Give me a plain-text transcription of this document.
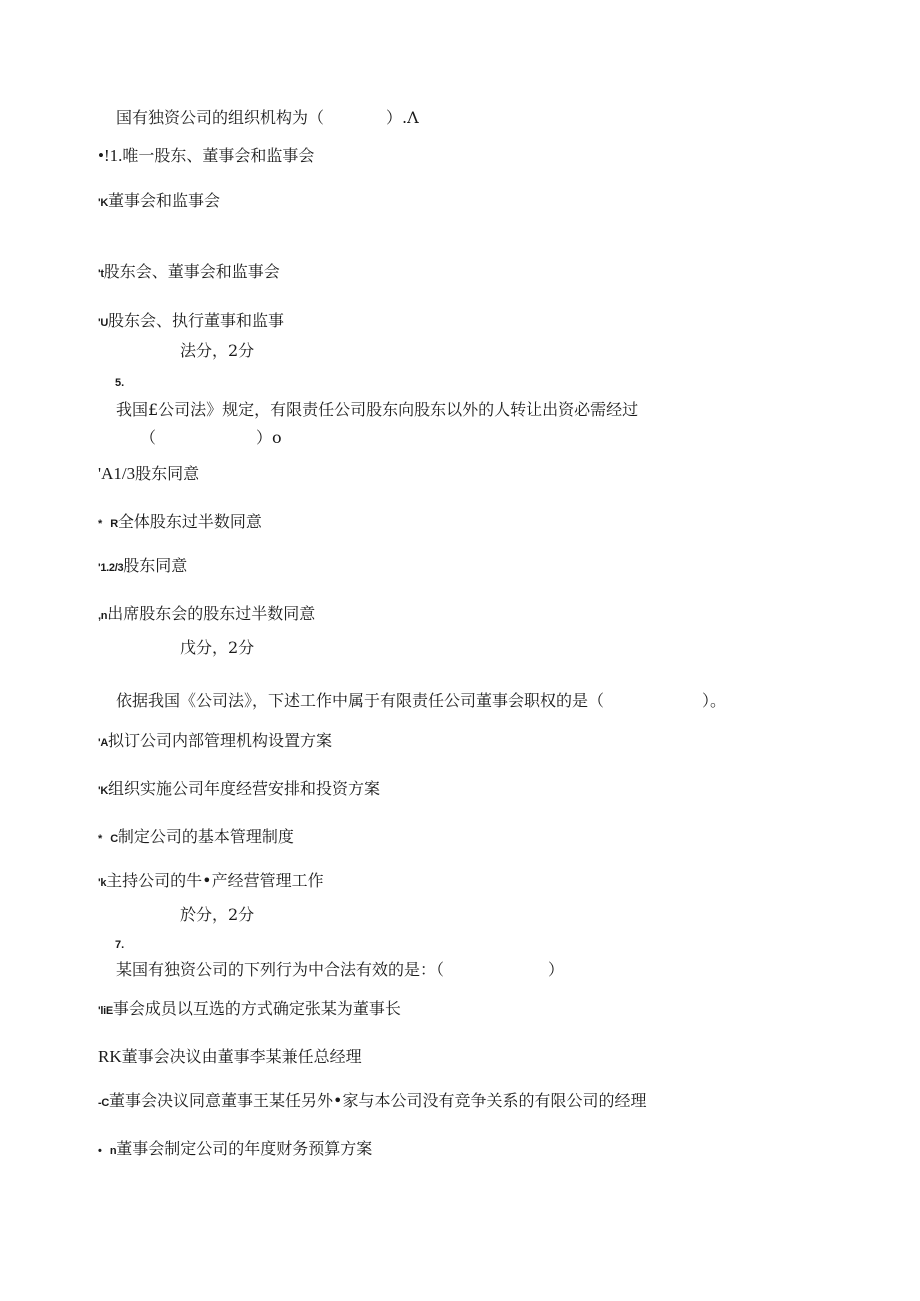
国有独资公司的组织机构为（	）.Λ
•!1.唯一股东、董事会和监事会
'K董事会和监事会
't股东会、董事会和监事会
'U股东会、执行董事和监事
法分，2分
5.
我国£公司法》规定，有限责任公司股东向股东以外的人转让出资必需经过
（	）o
'A1/3股东同意
*   R全体股东过半数同意
'1.2/3股东同意
,n出席股东会的股东过半数同意
戊分，2分
依据我国《公司法》，下述工作中属于有限责任公司董事会职权的是（	）。
'A拟订公司内部管理机构设置方案
'K组织实施公司年度经营安排和投资方案
*   C制定公司的基本管理制度
'k主持公司的牛•产经营管理工作
於分，2分
7.
某国有独资公司的下列行为中合法有效的是：（	）
'liE事会成员以互选的方式确定张某为董事长
RK董事会决议由董事李某兼任总经理
-C董事会决议同意董事王某任另外•家与本公司没有竞争关系的有限公司的经理
•   n董事会制定公司的年度财务预算方案
